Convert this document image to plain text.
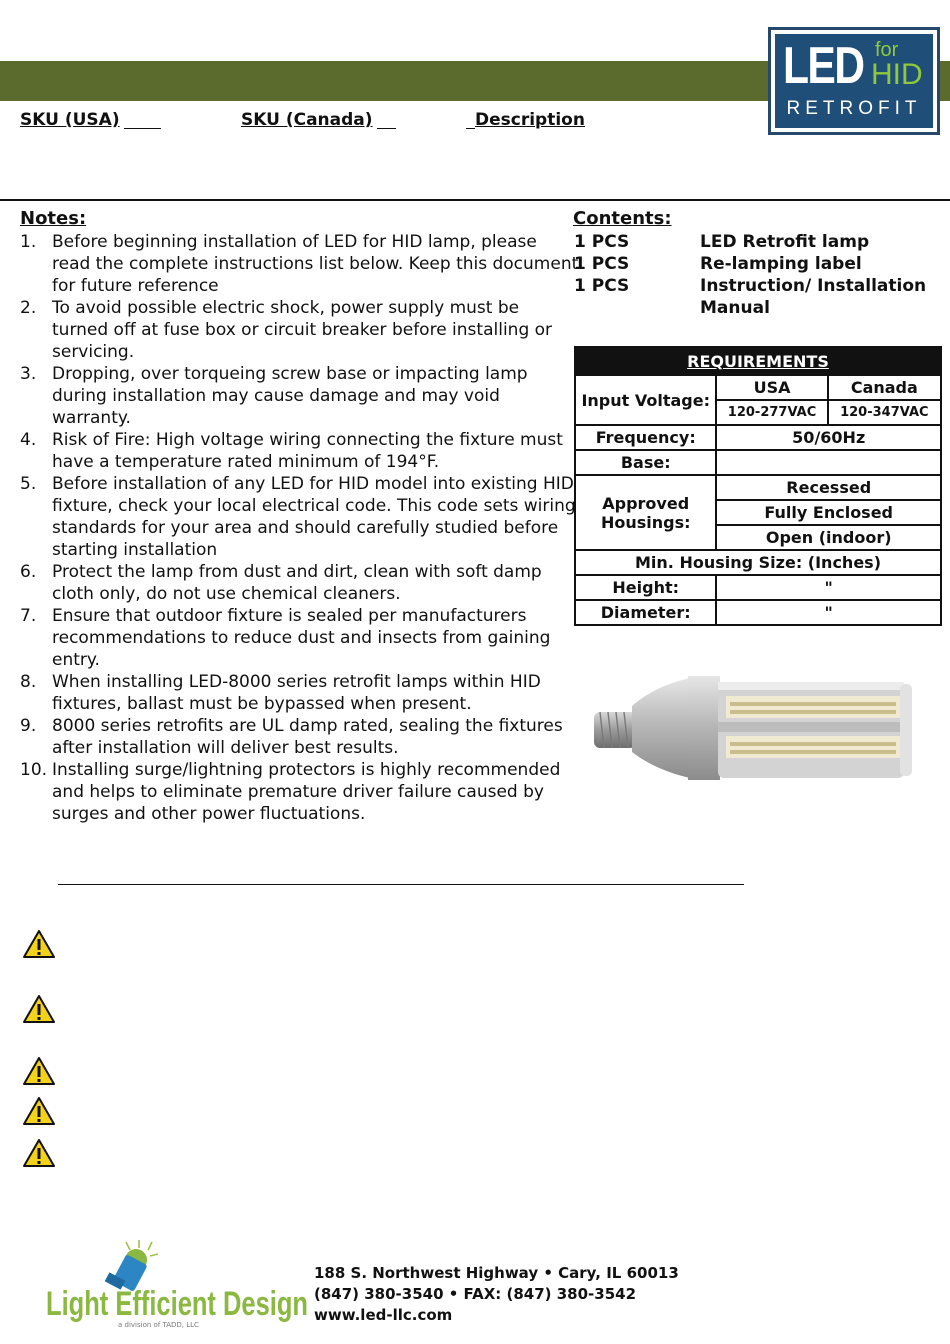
LED for
HID
RETROFIT
SKU (USA)	SKU (Canada)	Description
Notes:
1. Before beginning installation of LED for HID lamp, please read the complete instructions list below. Keep this document for future reference
2. To avoid possible electric shock, power supply must be turned off at fuse box or circuit breaker before installing or servicing.
3. Dropping, over torqueing screw base or impacting lamp during installation may cause damage and may void warranty.
4. Risk of Fire: High voltage wiring connecting the fixture must have a temperature rated minimum of 194°F.
5. Before installation of any LED for HID model into existing HID fixture, check your local electrical code. This code sets wiring standards for your area and should carefully studied before starting installation
6. Protect the lamp from dust and dirt, clean with soft damp cloth only, do not use chemical cleaners.
7. Ensure that outdoor fixture is sealed per manufacturers recommendations to reduce dust and insects from gaining entry.
8. When installing LED-8000 series retrofit lamps within HID fixtures, ballast must be bypassed when present.
9. 8000 series retrofits are UL damp rated, sealing the fixtures after installation will deliver best results.
10. Installing surge/lightning protectors is highly recommended and helps to eliminate premature driver failure caused by surges and other power fluctuations.
Contents:
1 PCS	LED Retrofit lamp
1 PCS	Re-lamping label
1 PCS	Instruction/ Installation Manual
REQUIREMENTS		
Input Voltage:	USA	Canada
	120-277VAC	120-347VAC
Frequency:	50/60Hz	
Base:		
Approved Housings:	Recessed	
	Fully Enclosed	
	Open (indoor)	
Min. Housing Size: (Inches)		
Height:	"	
Diameter:	"	
Light Efficient Design
a division of TADD, LLC
188 S. Northwest Highway • Cary, IL 60013
(847) 380-3540 • FAX: (847) 380-3542
www.led-llc.com
